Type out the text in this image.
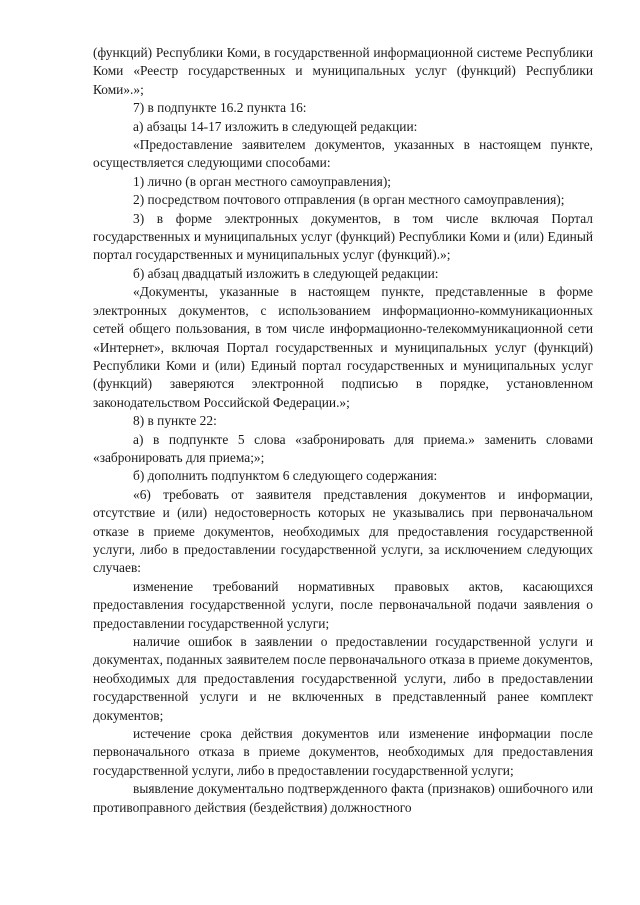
(функций) Республики Коми, в государственной информационной системе Республики Коми «Реестр государственных и муниципальных услуг (функций) Республики Коми».»;

7) в подпункте 16.2 пункта 16:

а) абзацы 14-17 изложить в следующей редакции:

«Предоставление заявителем документов, указанных в настоящем пункте, осуществляется следующими способами:

1) лично (в орган местного самоуправления);

2) посредством почтового отправления (в орган местного самоуправления);

3) в форме электронных документов, в том числе включая Портал государственных и муниципальных услуг (функций) Республики Коми и (или) Единый портал государственных и муниципальных услуг (функций).»;

б) абзац двадцатый изложить в следующей редакции:

«Документы, указанные в настоящем пункте, представленные в форме электронных документов, с использованием информационно-коммуникационных сетей общего пользования, в том числе информационно-телекоммуникационной сети «Интернет», включая Портал государственных и муниципальных услуг (функций) Республики Коми и (или) Единый портал государственных и муниципальных услуг (функций) заверяются электронной подписью в порядке, установленном законодательством Российской Федерации.»;

8) в пункте 22:

а) в подпункте 5 слова «забронировать для приема.» заменить словами «забронировать для приема;»;

б) дополнить подпунктом 6 следующего содержания:

«6) требовать от заявителя представления документов и информации, отсутствие и (или) недостоверность которых не указывались при первоначальном отказе в приеме документов, необходимых для предоставления государственной услуги, либо в предоставлении государственной услуги, за исключением следующих случаев:

изменение требований нормативных правовых актов, касающихся предоставления государственной услуги, после первоначальной подачи заявления о предоставлении государственной услуги;

наличие ошибок в заявлении о предоставлении государственной услуги и документах, поданных заявителем после первоначального отказа в приеме документов, необходимых для предоставления государственной услуги, либо в предоставлении государственной услуги и не включенных в представленный ранее комплект документов;

истечение срока действия документов или изменение информации после первоначального отказа в приеме документов, необходимых для предоставления государственной услуги, либо в предоставлении государственной услуги;

выявление документально подтвержденного факта (признаков) ошибочного или противоправного действия (бездействия) должностного
